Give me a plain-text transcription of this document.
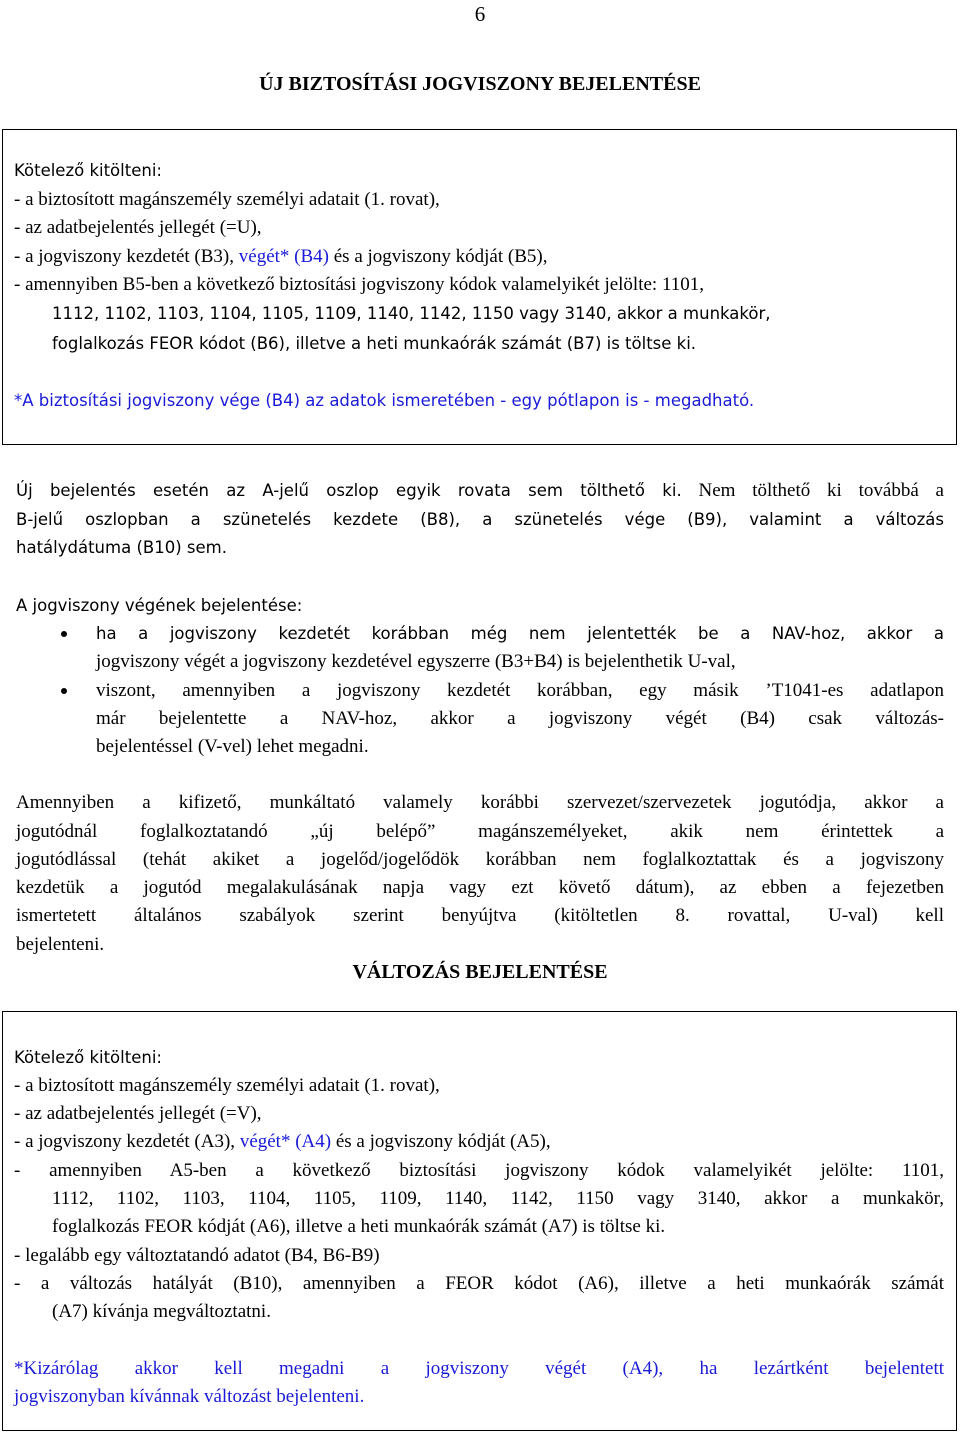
6
ÚJ BIZTOSÍTÁSI JOGVISZONY BEJELENTÉSE
Kötelező kitölteni:
- a biztosított magánszemély személyi adatait (1. rovat),
- az adatbejelentés jellegét (=U),
- a jogviszony kezdetét (B3), végét* (B4) és a jogviszony kódját (B5),
- amennyiben B5-ben a következő biztosítási jogviszony kódok valamelyikét jelölte: 1101,
1112, 1102, 1103, 1104, 1105, 1109, 1140, 1142, 1150 vagy 3140, akkor a munkakör,
foglalkozás FEOR kódot (B6), illetve a heti munkaórák számát (B7) is töltse ki.
*A biztosítási jogviszony vége (B4) az adatok ismeretében - egy pótlapon is - megadható.
Új bejelentés esetén az A-jelű oszlop egyik rovata sem tölthető ki. Nem tölthető ki továbbá a
B-jelű oszlopban a szünetelés kezdete (B8), a szünetelés vége (B9), valamint a változás
hatálydátuma (B10) sem.
A jogviszony végének bejelentése:
ha a jogviszony kezdetét korábban még nem jelentették be a NAV-hoz, akkor a
jogviszony végét a jogviszony kezdetével egyszerre (B3+B4) is bejelenthetik U-val,
viszont, amennyiben a jogviszony kezdetét korábban, egy másik ’T1041-es adatlapon
már bejelentette a NAV-hoz, akkor a jogviszony végét (B4) csak változás-
bejelentéssel (V-vel) lehet megadni.
Amennyiben a kifizető, munkáltató valamely korábbi szervezet/szervezetek jogutódja, akkor a
jogutódnál foglalkoztatandó „új belépő” magánszemélyeket, akik nem érintettek a
jogutódlással (tehát akiket a jogelőd/jogelődök korábban nem foglalkoztattak és a jogviszony
kezdetük a jogutód megalakulásának napja vagy ezt követő dátum), az ebben a fejezetben
ismertetett általános szabályok szerint benyújtva (kitöltetlen 8. rovattal, U-val) kell
bejelenteni.
VÁLTOZÁS BEJELENTÉSE
Kötelező kitölteni:
- a biztosított magánszemély személyi adatait (1. rovat),
- az adatbejelentés jellegét (=V),
- a jogviszony kezdetét (A3), végét* (A4) és a jogviszony kódját (A5),
- amennyiben A5-ben a következő biztosítási jogviszony kódok valamelyikét jelölte: 1101,
1112, 1102, 1103, 1104, 1105, 1109, 1140, 1142, 1150 vagy 3140, akkor a munkakör,
foglalkozás FEOR kódját (A6), illetve a heti munkaórák számát (A7) is töltse ki.
- legalább egy változtatandó adatot (B4, B6-B9)
- a változás hatályát (B10), amennyiben a FEOR kódot (A6), illetve a heti munkaórák számát
(A7) kívánja megváltoztatni.
*Kizárólag akkor kell megadni a jogviszony végét (A4), ha lezártként bejelentett
jogviszonyban kívánnak változást bejelenteni.
